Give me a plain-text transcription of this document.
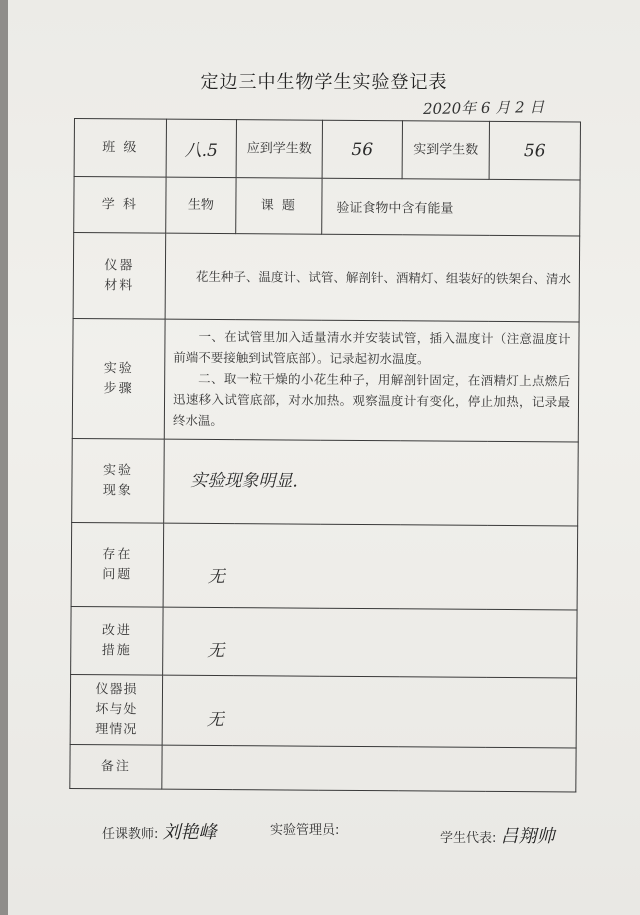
定边三中生物学生实验登记表
2020年 6 月 2 日
班 级	八.5	应到学生数	56	实到学生数	56
学 科	生物	课 题	验证食物中含有能量		
仪器材料	花生种子、温度计、试管、解剖针、酒精灯、组装好的铁架台、清水				
实验步骤	一、在试管里加入适量清水并安装试管，插入温度计（注意温度计前端不要接触到试管底部）。记录起初水温度。
二、取一粒干燥的小花生种子，用解剖针固定，在酒精灯上点燃后迅速移入试管底部，对水加热。观察温度计有变化，停止加热，记录最终水温。				

实验现象	实验现象明显.				
存在问题	无				
改进措施	无				
仪器损坏与处理情况	无				
备注					
任课教师: 刘艳峰	实验管理员:
学生代表: 吕翔帅
